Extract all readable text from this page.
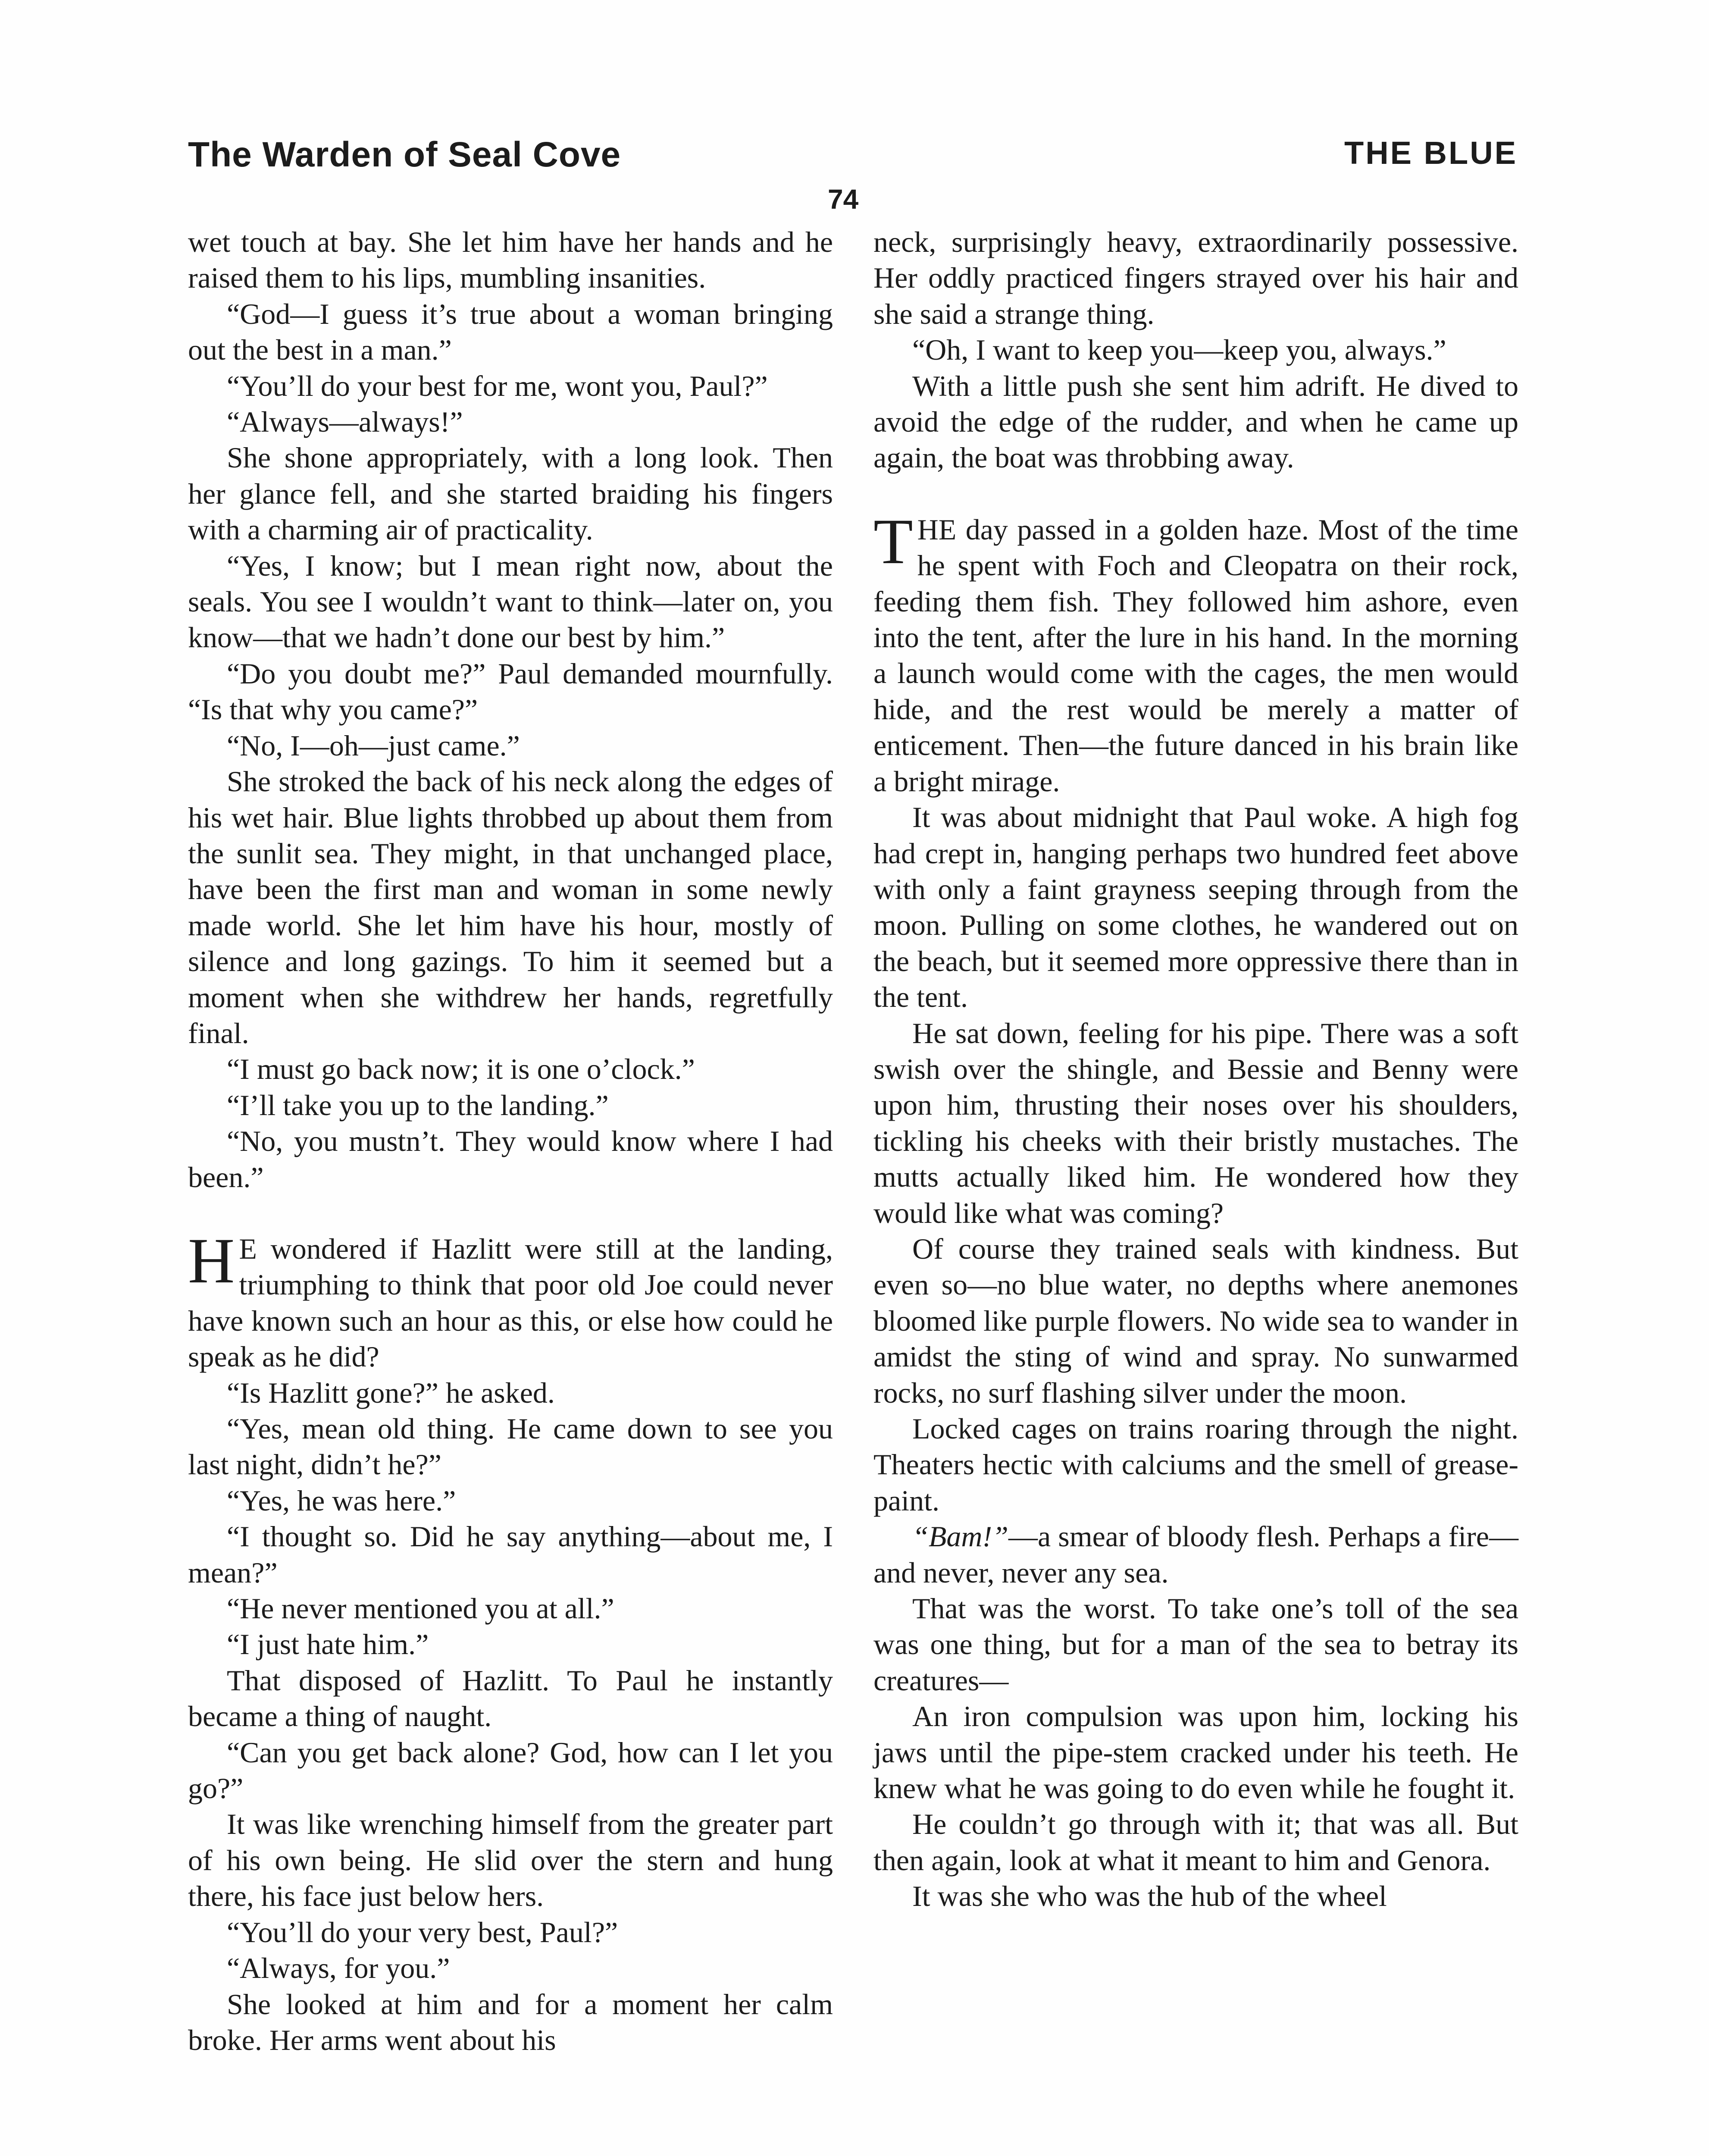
The Warden of Seal Cove	THE BLUE
74

wet touch at bay. She let him have her hands and he raised them to his lips, mumbling insanities.

“God—I guess it’s true about a woman bringing out the best in a man.”

“You’ll do your best for me, wont you, Paul?”

“Always—always!”

She shone appropriately, with a long look. Then her glance fell, and she started braiding his fingers with a charming air of practicality.

“Yes, I know; but I mean right now, about the seals. You see I wouldn’t want to think—later on, you know—that we hadn’t done our best by him.”

“Do you doubt me?” Paul demanded mournfully. “Is that why you came?”

“No, I—oh—just came.”

She stroked the back of his neck along the edges of his wet hair. Blue lights throbbed up about them from the sunlit sea. They might, in that unchanged place, have been the first man and woman in some newly made world. She let him have his hour, mostly of silence and long gazings. To him it seemed but a moment when she withdrew her hands, regretfully final.

“I must go back now; it is one o’clock.”

“I’ll take you up to the landing.”

“No, you mustn’t. They would know where I had been.”

H E wondered if Hazlitt were still at the landing, triumphing to think that poor old Joe could never have known such an hour as this, or else how could he speak as he did?

“Is Hazlitt gone?” he asked.

“Yes, mean old thing. He came down to see you last night, didn’t he?”

“Yes, he was here.”

“I thought so. Did he say anything—about me, I mean?”

“He never mentioned you at all.”

“I just hate him.”

That disposed of Hazlitt. To Paul he instantly became a thing of naught.

“Can you get back alone? God, how can I let you go?”

It was like wrenching himself from the greater part of his own being. He slid over the stern and hung there, his face just below hers.

“You’ll do your very best, Paul?”

“Always, for you.”

She looked at him and for a moment her calm broke. Her arms went about his

neck, surprisingly heavy, extraordinarily possessive. Her oddly practiced fingers strayed over his hair and she said a strange thing.

“Oh, I want to keep you—keep you, always.”

With a little push she sent him adrift. He dived to avoid the edge of the rudder, and when he came up again, the boat was throbbing away.

THE day passed in a golden haze. Most of the time he spent with Foch and Cleopatra on their rock, feeding them fish. They followed him ashore, even into the tent, after the lure in his hand. In the morning a launch would come with the cages, the men would hide, and the rest would be merely a matter of enticement. Then—the future danced in his brain like a bright mirage.

It was about midnight that Paul woke. A high fog had crept in, hanging perhaps two hundred feet above with only a faint grayness seeping through from the moon. Pulling on some clothes, he wandered out on the beach, but it seemed more oppressive there than in the tent.

He sat down, feeling for his pipe. There was a soft swish over the shingle, and Bessie and Benny were upon him, thrusting their noses over his shoulders, tickling his cheeks with their bristly mustaches. The mutts actually liked him. He wondered how they would like what was coming?

Of course they trained seals with kindness. But even so—no blue water, no depths where anemones bloomed like purple flowers. No wide sea to wander in amidst the sting of wind and spray. No sunwarmed rocks, no surf flashing silver under the moon.

Locked cages on trains roaring through the night. Theaters hectic with calciums and the smell of grease-paint.

“Bam!”—a smear of bloody flesh. Perhaps a fire—and never, never any sea.

That was the worst. To take one’s toll of the sea was one thing, but for a man of the sea to betray its creatures—

An iron compulsion was upon him, locking his jaws until the pipe-stem cracked under his teeth. He knew what he was going to do even while he fought it.

He couldn’t go through with it; that was all. But then again, look at what it meant to him and Genora.

It was she who was the hub of the wheel
